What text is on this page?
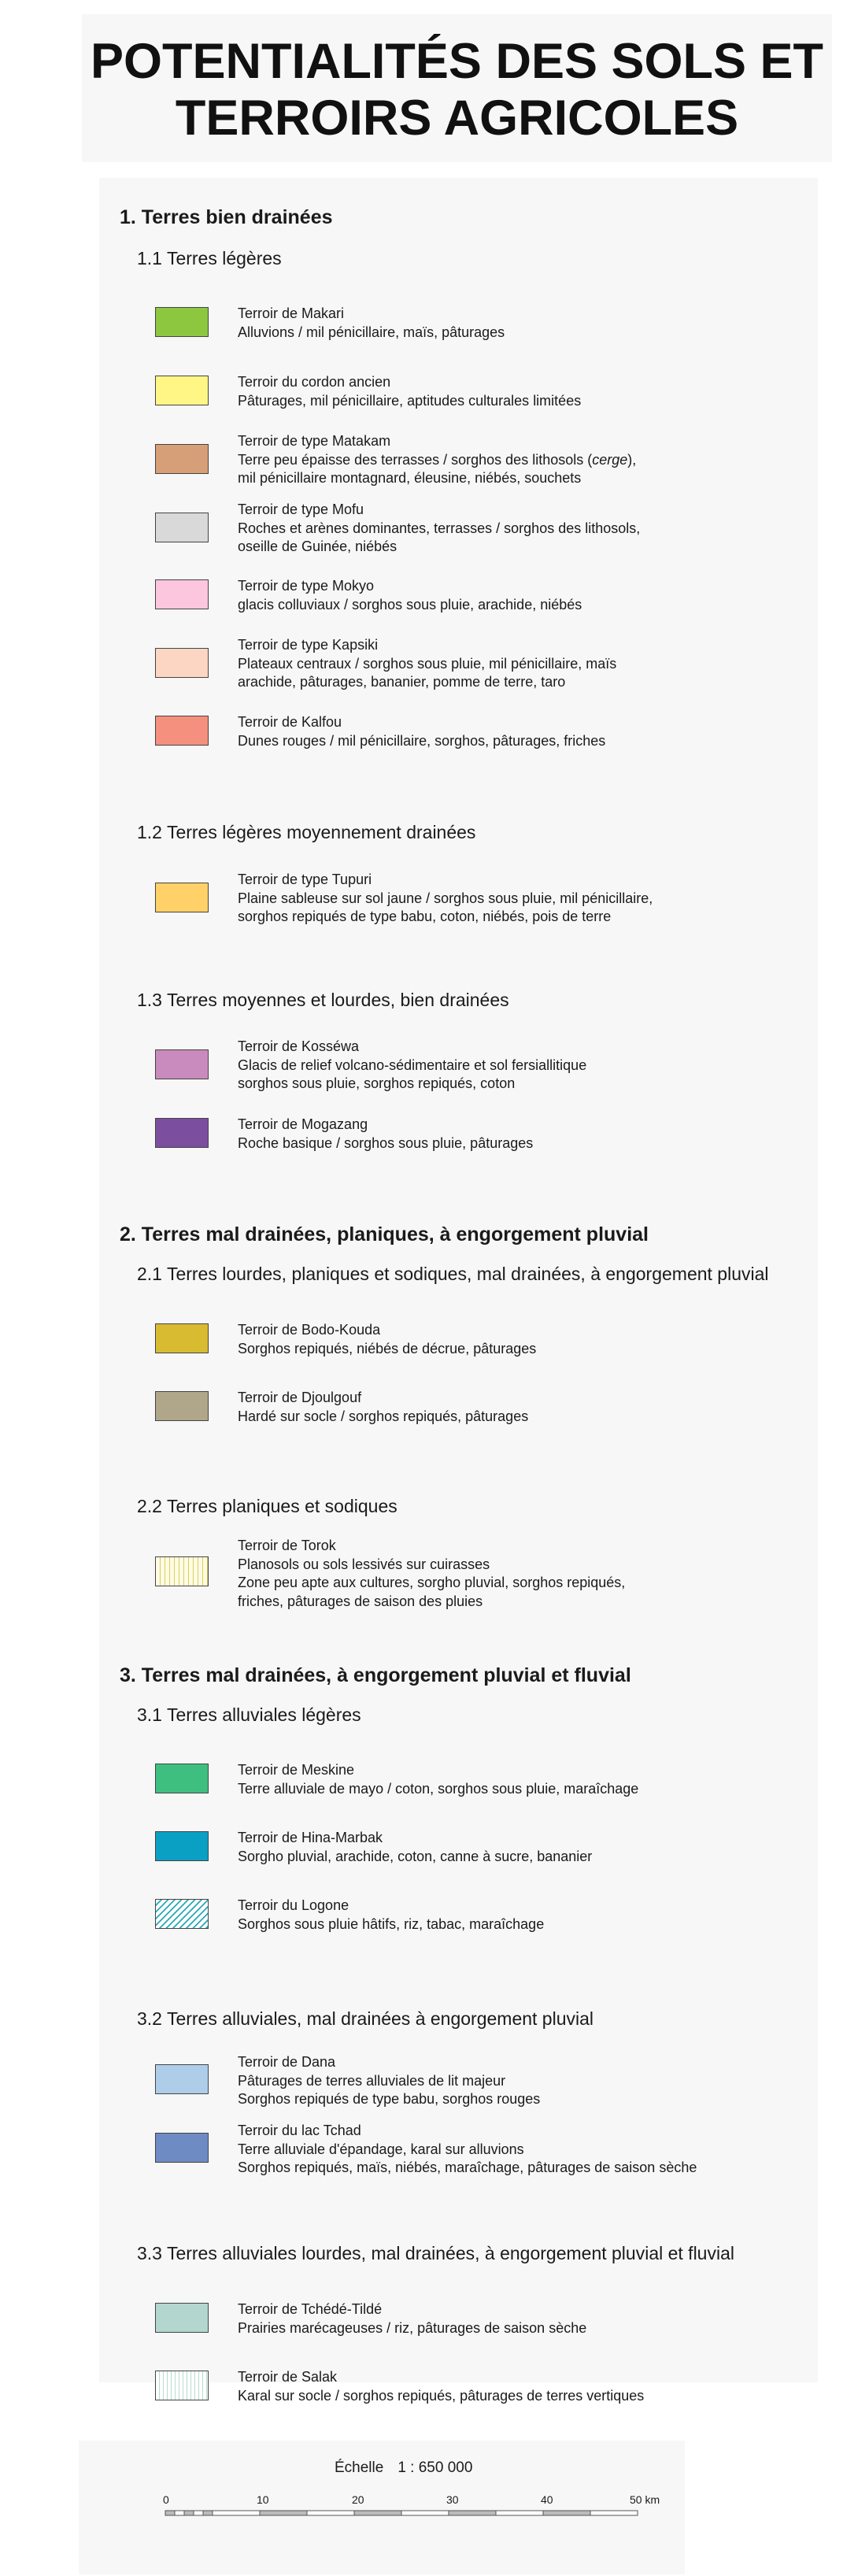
POTENTIALITÉS DES SOLS ET
TERROIRS AGRICOLES
1. Terres bien drainées
1.1 Terres légères
Terroir de Makari
Alluvions / mil pénicillaire, maïs, pâturages
Terroir du cordon ancien
Pâturages, mil pénicillaire, aptitudes culturales limitées
Terroir de type Matakam
Terre peu épaisse des terrasses / sorghos des lithosols (cerge),
mil pénicillaire montagnard, éleusine, niébés, souchets
Terroir de type Mofu
Roches et arènes dominantes, terrasses / sorghos des lithosols,
oseille de Guinée, niébés
Terroir de type Mokyo
glacis colluviaux / sorghos sous pluie, arachide, niébés
Terroir de type Kapsiki
Plateaux centraux / sorghos sous pluie, mil pénicillaire, maïs
arachide, pâturages, bananier, pomme de terre, taro
Terroir de Kalfou
Dunes rouges / mil pénicillaire, sorghos, pâturages, friches
1.2 Terres légères moyennement drainées
Terroir de type Tupuri
Plaine sableuse sur sol jaune / sorghos sous pluie, mil pénicillaire,
sorghos repiqués de type babu, coton, niébés, pois de terre
1.3 Terres moyennes et lourdes, bien drainées
Terroir de Kosséwa
Glacis de relief volcano-sédimentaire et sol fersiallitique
sorghos sous pluie, sorghos repiqués, coton
Terroir de Mogazang
Roche basique / sorghos sous pluie, pâturages
2. Terres mal drainées, planiques, à engorgement pluvial
2.1 Terres lourdes, planiques et sodiques, mal drainées, à engorgement pluvial
Terroir de Bodo-Kouda
Sorghos repiqués, niébés de décrue, pâturages
Terroir de Djoulgouf
Hardé sur socle / sorghos repiqués, pâturages
2.2 Terres planiques et sodiques
Terroir de Torok
Planosols ou sols lessivés sur cuirasses
Zone peu apte aux cultures, sorgho pluvial, sorghos repiqués,
friches, pâturages de saison des pluies
3. Terres mal drainées, à engorgement pluvial et fluvial
3.1 Terres alluviales légères
Terroir de Meskine
Terre alluviale de mayo / coton, sorghos sous pluie, maraîchage
Terroir de Hina-Marbak
Sorgho pluvial, arachide, coton, canne à sucre, bananier
Terroir du Logone
Sorghos sous pluie hâtifs, riz, tabac, maraîchage
3.2 Terres alluviales, mal drainées à engorgement pluvial
Terroir de Dana
Pâturages de terres alluviales de lit majeur
Sorghos repiqués de type babu, sorghos rouges
Terroir du lac Tchad
Terre alluviale d'épandage, karal sur alluvions
Sorghos repiqués, maïs, niébés, maraîchage, pâturages de saison sèche
3.3 Terres alluviales lourdes, mal drainées, à engorgement pluvial et fluvial
Terroir de Tchédé-Tildé
Prairies marécageuses / riz, pâturages de saison sèche
Terroir de Salak
Karal sur socle / sorghos repiqués, pâturages de terres vertiques
Échelle 1 : 650 000
0	10	20	30	40	50 km
